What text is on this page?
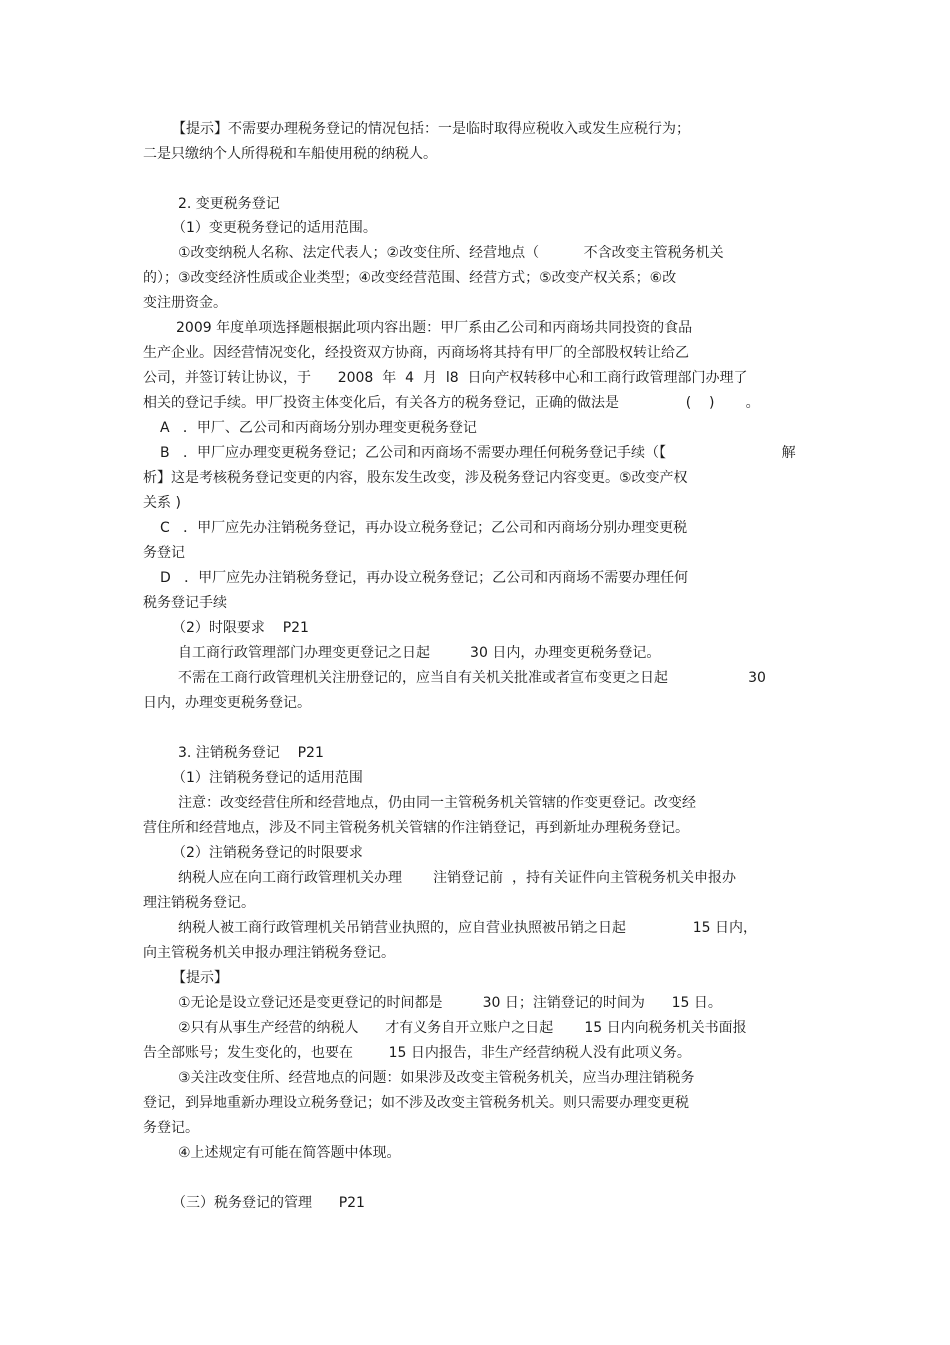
【提示】不需要办理税务登记的情况包括：一是临时取得应税收入或发生应税行为；
二是只缴纳个人所得税和车船使用税的纳税人。
2. 变更税务登记
（1）变更税务登记的适用范围。
①改变纳税人名称、法定代表人；②改变住所、经营地点（          不含改变主管税务机关
的）；③改变经济性质或企业类型；④改变经营范围、经营方式；⑤改变产权关系；⑥改
变注册资金。
2009 年度单项选择题根据此项内容出题：甲厂系由乙公司和丙商场共同投资的食品
生产企业。因经营情况变化，经投资双方协商，丙商场将其持有甲厂的全部股权转让给乙
公司，并签订转让协议，于      2008  年  4  月  l8  日向产权转移中心和工商行政管理部门办理了
相关的登记手续。甲厂投资主体变化后，有关各方的税务登记，正确的做法是               (    )       。
A   ．甲厂、乙公司和丙商场分别办理变更税务登记
B   ．甲厂应办理变更税务登记；乙公司和丙商场不需要办理任何税务登记手续（【                          解
析】这是考核税务登记变更的内容，股东发生改变，涉及税务登记内容变更。⑤改变产权
关系 )
C   ．甲厂应先办注销税务登记，再办设立税务登记；乙公司和丙商场分别办理变更税
务登记
D   ．甲厂应先办注销税务登记，再办设立税务登记；乙公司和丙商场不需要办理任何
税务登记手续
（2）时限要求    P21
自工商行政管理部门办理变更登记之日起         30 日内，办理变更税务登记。
不需在工商行政管理机关注册登记的，应当自有关机关批准或者宣布变更之日起                  30
日内，办理变更税务登记。
3. 注销税务登记    P21
（1）注销税务登记的适用范围
注意：改变经营住所和经营地点，仍由同一主管税务机关管辖的作变更登记。改变经
营住所和经营地点，涉及不同主管税务机关管辖的作注销登记，再到新址办理税务登记。
（2）注销税务登记的时限要求
纳税人应在向工商行政管理机关办理       注销登记前  ，持有关证件向主管税务机关申报办
理注销税务登记。
纳税人被工商行政管理机关吊销营业执照的，应自营业执照被吊销之日起               15 日内，
向主管税务机关申报办理注销税务登记。
【提示】
①无论是设立登记还是变更登记的时间都是         30 日；注销登记的时间为      15 日。
②只有从事生产经营的纳税人      才有义务自开立账户之日起       15 日内向税务机关书面报
告全部账号；发生变化的，也要在        15 日内报告，非生产经营纳税人没有此项义务。
③关注改变住所、经营地点的问题：如果涉及改变主管税务机关，应当办理注销税务
登记，到异地重新办理设立税务登记；如不涉及改变主管税务机关。则只需要办理变更税
务登记。
④上述规定有可能在简答题中体现。
（三）税务登记的管理      P21
